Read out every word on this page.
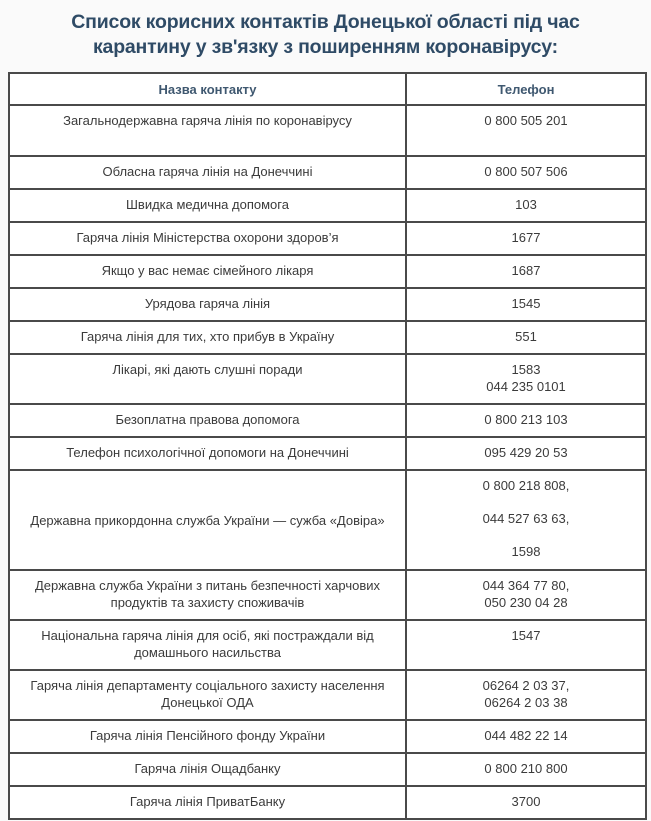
Список корисних контактів Донецької області під час
карантину у зв'язку з поширенням коронавірусу:
Назва контакту	Телефон
Загальнодержавна гаряча лінія по коронавірусу	0 800 505 201

Обласна гаряча лінія на Донеччині	0 800 507 506

Швидка медична допомога	103

Гаряча лінія Міністерства охорони здоров’я	1677

Якщо у вас немає сімейного лікаря	1687

Урядова гаряча лінія	1545

Гаряча лінія для тих, хто прибув в Україну	551

Лікарі, які дають слушні поради	1583
044 235 0101

Безоплатна правова допомога	0 800 213 103

Телефон психологічної допомоги на Донеччині	095 429 20 53

Державна прикордонна служба України — сужба «Довіра»	0 800 218 808,
044 527 63 63,
1598

Державна служба України з питань безпечності харчових продуктів та захисту споживачів	044 364 77 80,
050 230 04 28

Національна гаряча лінія для осіб, які постраждали від домашнього насильства	1547

Гаряча лінія департаменту соціального захисту населення Донецької ОДА	06264 2 03 37,
06264 2 03 38

Гаряча лінія Пенсійного фонду України	044 482 22 14

Гаряча лінія Ощадбанку	0 800 210 800

Гаряча лінія ПриватБанку	3700
